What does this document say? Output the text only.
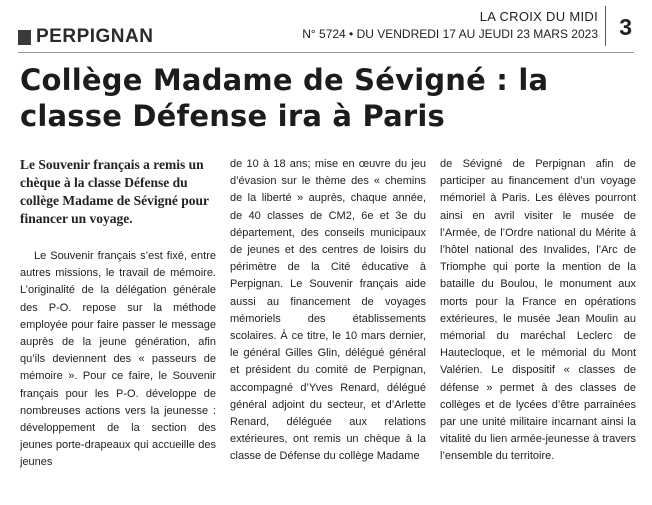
PERPIGNAN
LA CROIX DU MIDI
N° 5724 • DU VENDREDI 17 AU JEUDI 23 MARS 2023 3
Collège Madame de Sévigné : la classe Défense ira à Paris
Le Souvenir français a remis un chèque à la classe Défense du collège Madame de Sévigné pour financer un voyage.

Le Souvenir français s’est fixé, entre autres missions, le travail de mémoire. L’originalité de la délégation générale des P-O. repose sur la méthode employée pour faire passer le message auprès de la jeune génération, afin qu’ils deviennent des « passeurs de mémoire ». Pour ce faire, le Souvenir français pour les P-O. développe de nombreuses actions vers la jeunesse : développement de la section des jeunes porte-drapeaux qui accueille des jeunes

de 10 à 18 ans; mise en œuvre du jeu d’évasion sur le thème des « chemins de la liberté » auprès, chaque année, de 40 classes de CM2, 6e et 3e du département, des conseils municipaux de jeunes et des centres de loisirs du périmètre de la Cité éducative à Perpignan. Le Souvenir français aide aussi au financement de voyages mémoriels des établissements scolaires. À ce titre, le 10 mars dernier, le général Gilles Glin, délégué général et président du comité de Perpignan, accompagné d’Yves Renard, délégué général adjoint du secteur, et d’Arlette Renard, déléguée aux relations extérieures, ont remis un chèque à la classe de Défense du collège Madame

de Sévigné de Perpignan afin de participer au financement d’un voyage mémoriel à Paris. Les élèves pourront ainsi en avril visiter le musée de l’Armée, de l’Ordre national du Mérite à l’hôtel national des Invalides, l’Arc de Triomphe qui porte la mention de la bataille du Boulou, le monument aux morts pour la France en opérations extérieures, le musée Jean Moulin au mémorial du maréchal Leclerc de Hautecloque, et le mémorial du Mont Valérien. Le dispositif « classes de défense » permet à des classes de collèges et de lycées d’être parrainées par une unité militaire incarnant ainsi la vitalité du lien armée-jeunesse à travers l’ensemble du territoire.
